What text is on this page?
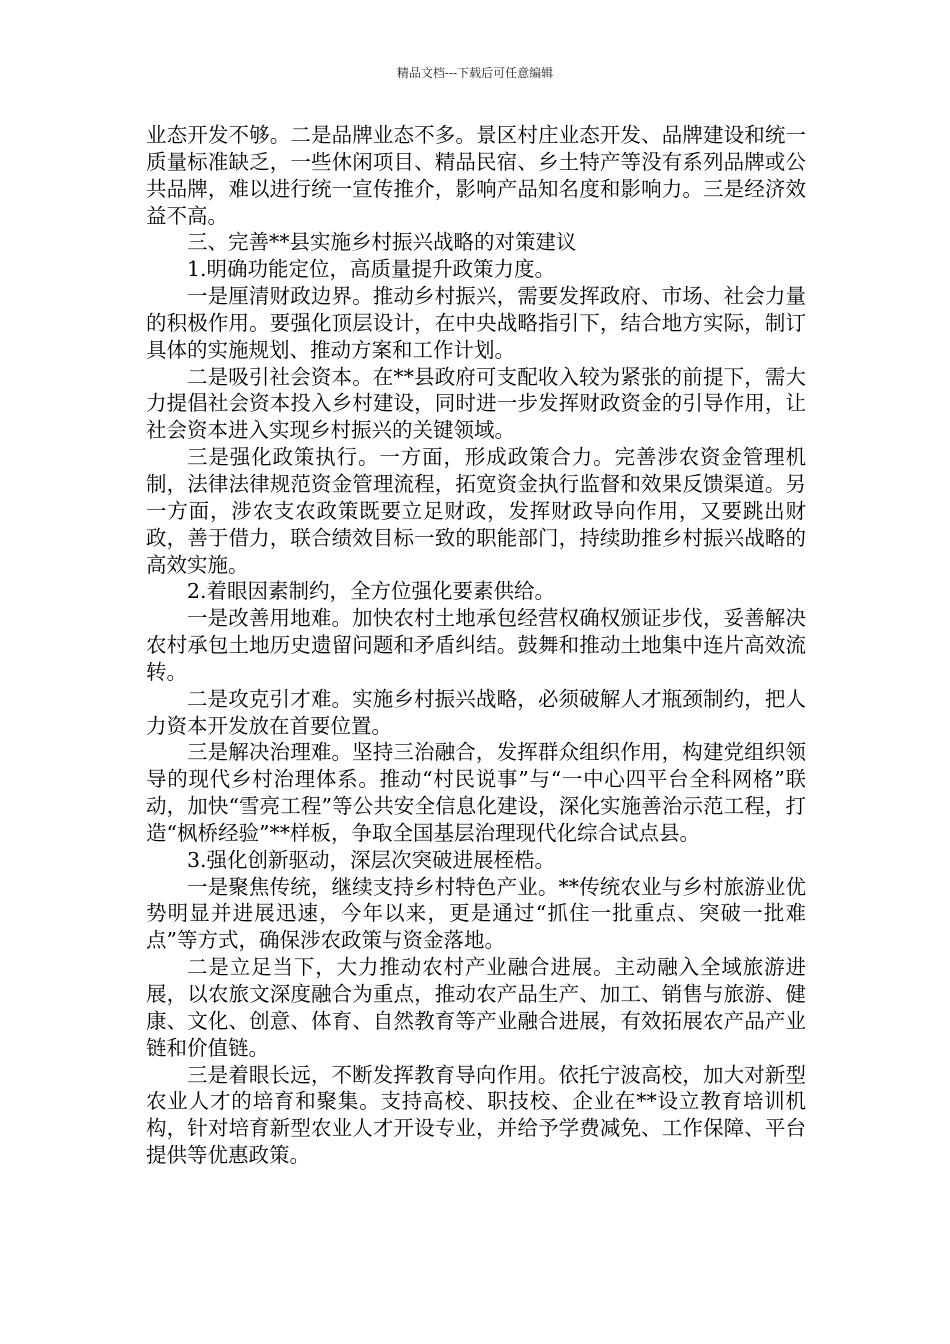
精品文档---下载后可任意编辑

业态开发不够。二是品牌业态不多。景区村庄业态开发、品牌建设和统一质量标准缺乏，一些休闲项目、精品民宿、乡土特产等没有系列品牌或公共品牌，难以进行统一宣传推介，影响产品知名度和影响力。三是经济效益不高。

三、完善**县实施乡村振兴战略的对策建议

1.明确功能定位，高质量提升政策力度。

一是厘清财政边界。推动乡村振兴，需要发挥政府、市场、社会力量的积极作用。要强化顶层设计，在中央战略指引下，结合地方实际，制订具体的实施规划、推动方案和工作计划。

二是吸引社会资本。在**县政府可支配收入较为紧张的前提下，需大力提倡社会资本投入乡村建设，同时进一步发挥财政资金的引导作用，让社会资本进入实现乡村振兴的关键领域。

三是强化政策执行。一方面，形成政策合力。完善涉农资金管理机制，法律法律规范资金管理流程，拓宽资金执行监督和效果反馈渠道。另一方面，涉农支农政策既要立足财政，发挥财政导向作用，又要跳出财政，善于借力，联合绩效目标一致的职能部门，持续助推乡村振兴战略的高效实施。

2.着眼因素制约，全方位强化要素供给。

一是改善用地难。加快农村土地承包经营权确权颁证步伐，妥善解决农村承包土地历史遗留问题和矛盾纠结。鼓舞和推动土地集中连片高效流转。

二是攻克引才难。实施乡村振兴战略，必须破解人才瓶颈制约，把人力资本开发放在首要位置。

三是解决治理难。坚持三治融合，发挥群众组织作用，构建党组织领导的现代乡村治理体系。推动“村民说事”与“一中心四平台全科网格”联动，加快“雪亮工程”等公共安全信息化建设，深化实施善治示范工程，打造“枫桥经验”**样板，争取全国基层治理现代化综合试点县。

3.强化创新驱动，深层次突破进展桎梏。

一是聚焦传统，继续支持乡村特色产业。**传统农业与乡村旅游业优势明显并进展迅速，今年以来，更是通过“抓住一批重点、突破一批难点”等方式，确保涉农政策与资金落地。

二是立足当下，大力推动农村产业融合进展。主动融入全域旅游进展，以农旅文深度融合为重点，推动农产品生产、加工、销售与旅游、健康、文化、创意、体育、自然教育等产业融合进展，有效拓展农产品产业链和价值链。

三是着眼长远，不断发挥教育导向作用。依托宁波高校，加大对新型农业人才的培育和聚集。支持高校、职技校、企业在**设立教育培训机构，针对培育新型农业人才开设专业，并给予学费减免、工作保障、平台提供等优惠政策。
